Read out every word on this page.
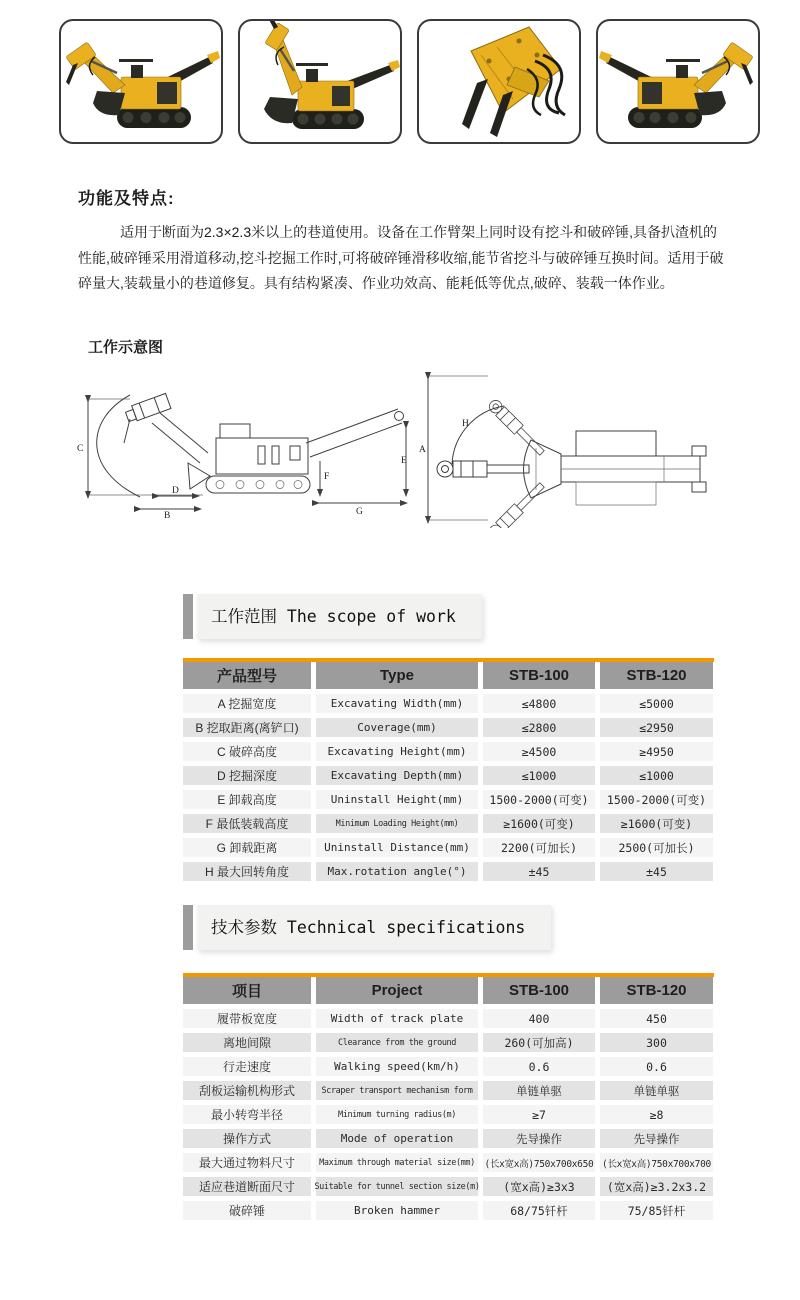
功能及特点:

适用于断面为2.3×2.3米以上的巷道使用。设备在工作臂架上同时设有挖斗和破碎锤,具备扒渣机的性能,破碎锤采用滑道移动,挖斗挖掘工作时,可将破碎锤滑移收缩,能节省挖斗与破碎锤互换时间。适用于破碎量大,装载量小的巷道修复。具有结构紧凑、作业功效高、能耗低等优点,破碎、装载一体作业。

工作示意图
C
E
F
G
D
B
A
H
工作范围 The scope of work
产品型号	Type	STB-100	STB-120
A 挖掘宽度	Excavating Width(mm)	≤4800	≤5000
B 挖取距离(离铲口)	Coverage(mm)	≤2800	≤2950
C 破碎高度	Excavating Height(mm)	≥4500	≥4950
D 挖掘深度	Excavating Depth(mm)	≤1000	≤1000
E 卸载高度	Uninstall Height(mm)	1500-2000(可变)	1500-2000(可变)
F 最低装载高度	Minimum Loading Height(mm)	≥1600(可变)	≥1600(可变)
G 卸载距离	Uninstall Distance(mm)	2200(可加长)	2500(可加长)
H 最大回转角度	Max.rotation angle(°)	±45	±45
技术参数 Technical specifications
项目	Project	STB-100	STB-120
履带板宽度	Width of track plate	400	450
离地间隙	Clearance from the ground	260(可加高)	300
行走速度	Walking speed(km/h)	0.6	0.6
刮板运输机构形式	Scraper transport mechanism form	单链单驱	单链单驱
最小转弯半径	Minimum turning radius(m)	≥7	≥8
操作方式	Mode of operation	先导操作	先导操作
最大通过物料尺寸	Maximum through material size(mm)	(长x宽x高)750x700x650 (长x宽x高)750x700x700
适应巷道断面尺寸	Suitable for tunnel section size(m)	(宽x高)≥3x3	(宽x高)≥3.2x3.2
破碎锤	Broken hammer	68/75钎杆	75/85钎杆
